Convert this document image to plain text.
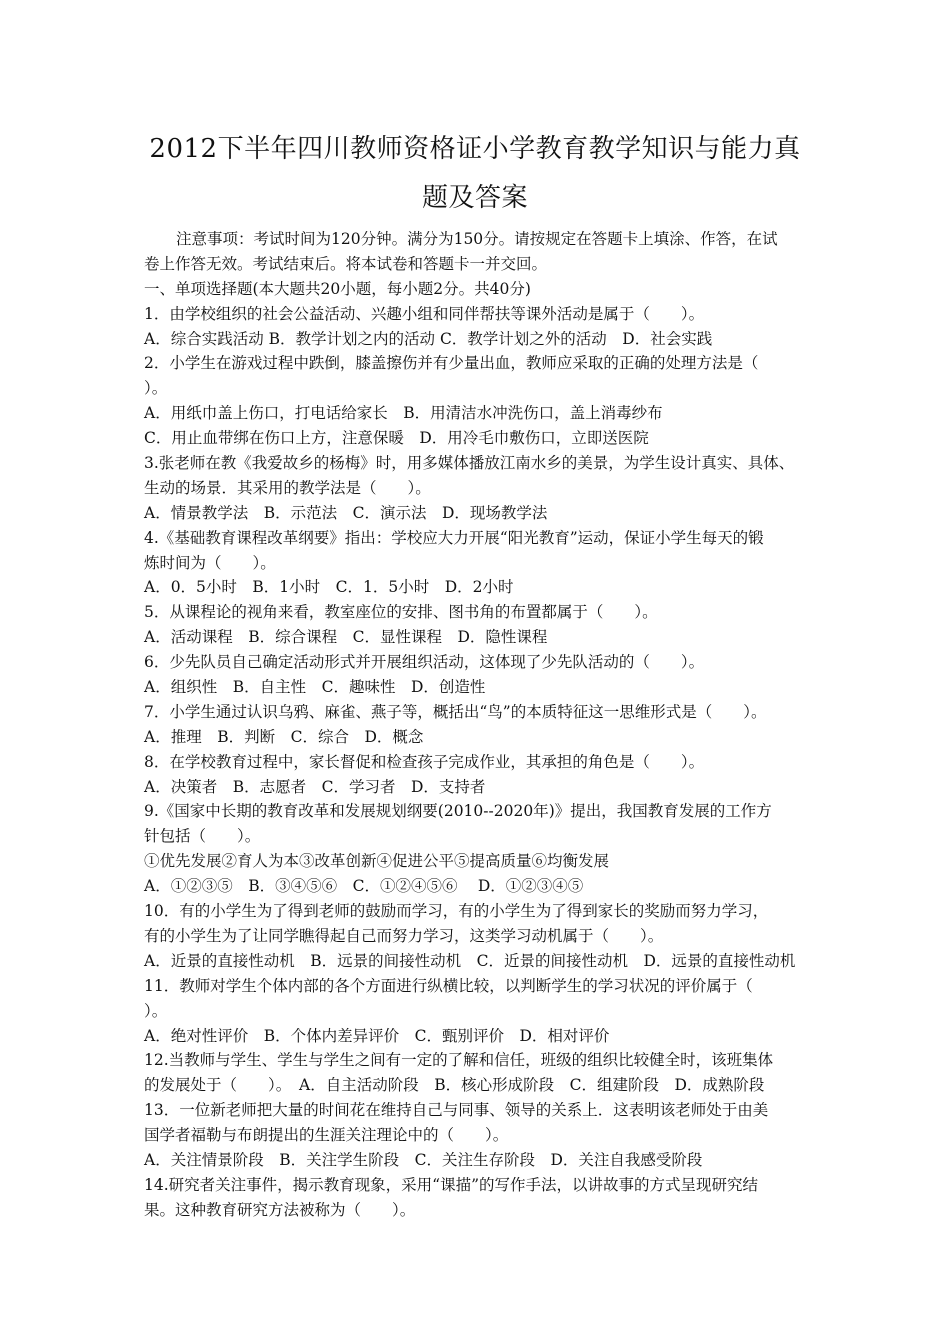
2012下半年四川教师资格证小学教育教学知识与能力真
题及答案
注意事项：考试时间为120分钟。满分为150分。请按规定在答题卡上填涂、作答，在试
卷上作答无效。考试结束后。将本试卷和答题卡一并交回。
一、单项选择题(本大题共20小题，每小题2分。共40分)
1．由学校组织的社会公益活动、兴趣小组和同伴帮扶等课外活动是属于（　　）。
A．综合实践活动 B．教学计划之内的活动 C．教学计划之外的活动　D．社会实践
2．小学生在游戏过程中跌倒，膝盖擦伤并有少量出血，教师应采取的正确的处理方法是（
）。
A．用纸巾盖上伤口，打电话给家长　B．用清洁水冲洗伤口，盖上消毒纱布
C．用止血带绑在伤口上方，注意保暖　D．用冷毛巾敷伤口，立即送医院
3.张老师在教《我爱故乡的杨梅》时，用多媒体播放江南水乡的美景，为学生设计真实、具体、
生动的场景．其采用的教学法是（　　）。
A．情景教学法　B．示范法　C．演示法　D．现场教学法
4.《基础教育课程改革纲要》指出：学校应大力开展“阳光教育”运动，保证小学生每天的锻
炼时间为（　　）。
A．0．5小时　B．1小时　C．1．5小时　D．2小时
5．从课程论的视角来看，教室座位的安排、图书角的布置都属于（　　）。
A．活动课程　B．综合课程　C．显性课程　D．隐性课程
6．少先队员自己确定活动形式并开展组织活动，这体现了少先队活动的（　　）。
A．组织性　B．自主性　C．趣味性　D．创造性
7．小学生通过认识乌鸦、麻雀、燕子等，概括出“鸟”的本质特征这一思维形式是（　　）。
A．推理　B．判断　C．综合　D．概念
8．在学校教育过程中，家长督促和检查孩子完成作业，其承担的角色是（　　）。
A．决策者　B．志愿者　C．学习者　D．支持者
9.《国家中长期的教育改革和发展规划纲要(2010--2020年)》提出，我国教育发展的工作方
针包括（　　）。
①优先发展②育人为本③改革创新④促进公平⑤提高质量⑥均衡发展
A．①②③⑤　B．③④⑤⑥　C．①②④⑤⑥　 D．①②③④⑤
10．有的小学生为了得到老师的鼓励而学习，有的小学生为了得到家长的奖励而努力学习，
有的小学生为了让同学瞧得起自己而努力学习，这类学习动机属于（　　）。
A．近景的直接性动机　B．远景的间接性动机　C．近景的间接性动机　D．远景的直接性动机
11．教师对学生个体内部的各个方面进行纵横比较，以判断学生的学习状况的评价属于（
）。
A．绝对性评价　B．个体内差异评价　C．甄别评价　D．相对评价
12.当教师与学生、学生与学生之间有一定的了解和信任，班级的组织比较健全时，该班集体
的发展处于（　　）。　A．自主活动阶段　B．核心形成阶段　C．组建阶段　D．成熟阶段
13．一位新老师把大量的时间花在维持自己与同事、领导的关系上．这表明该老师处于由美
国学者福勒与布朗提出的生涯关注理论中的（　　）。
A．关注情景阶段　B．关注学生阶段　C．关注生存阶段　D．关注自我感受阶段
14.研究者关注事件，揭示教育现象，采用“课描”的写作手法，以讲故事的方式呈现研究结
果。这种教育研究方法被称为（　　）。
